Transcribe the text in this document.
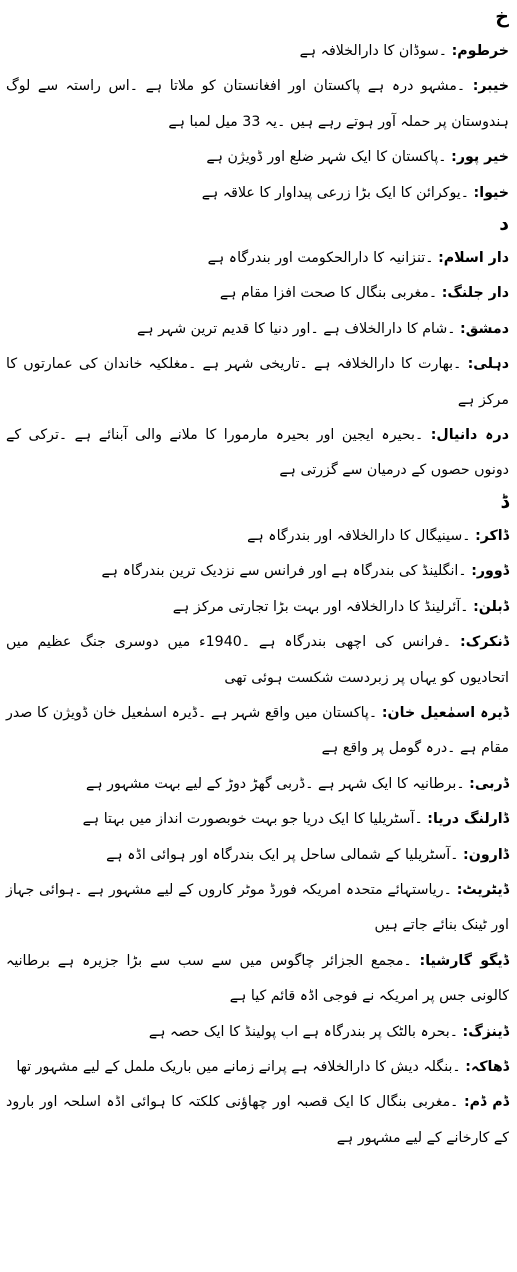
خ

خرطوم: ۔سوڈان کا دارالخلافہ ہے

خیبر: ۔مشہو درہ ہے پاکستان اور افغانستان کو ملاتا ہے ۔اس راستہ سے لوگ ہندوستان پر حملہ آور ہوتے رہے ہیں ۔یہ 33 میل لمبا ہے

خیر پور: ۔پاکستان کا ایک شہر ضلع اور ڈویژن ہے

خیوا: ۔یوکرائن کا ایک بڑا زرعی پیداوار کا علاقہ ہے

د

دار اسلام: ۔تنزانیہ کا دارالحکومت اور بندرگاہ ہے

دار جلنگ: ۔مغربی بنگال کا صحت افزا مقام ہے

دمشق: ۔شام کا دارالخلاف ہے ۔اور دنیا کا قدیم ترین شہر ہے

دہلی: ۔بھارت کا دارالخلافہ ہے ۔تاریخی شہر ہے ۔مغلکیہ خاندان کی عمارتوں کا مرکز ہے

درہ دانیال: ۔بحیرہ ایجین اور بحیرہ مارمورا کا ملانے والی آبنائے ہے ۔ترکی کے دونوں حصوں کے درمیان سے گزرتی ہے

ڈ

ڈاکر: ۔سینیگال کا دارالخلافہ اور بندرگاہ ہے

ڈوور: ۔انگلینڈ کی بندرگاہ ہے اور فرانس سے نزدیک ترین بندرگاہ ہے

ڈبلن: ۔آئرلینڈ کا دارالخلافہ اور بہت بڑا تجارتی مرکز ہے

ڈنکرک: ۔فرانس کی اچھی بندرگاہ ہے ۔1940ء میں دوسری جنگ عظیم میں اتحادیوں کو یہاں پر زبردست شکست ہوئی تھی

ڈیرہ اسمٰعیل خان: ۔پاکستان میں واقع شہر ہے ۔ڈیرہ اسمٰعیل خان ڈویژن کا صدر مقام ہے ۔درہ گومل پر واقع ہے

ڈربی: ۔برطانیہ کا ایک شہر ہے ۔ڈربی گھڑ دوڑ کے لیے بہت مشہور ہے

ڈارلنگ دریا: ۔آسٹریلیا کا ایک دریا جو بہت خوبصورت انداز میں بہتا ہے

ڈارون: ۔آسٹریلیا کے شمالی ساحل پر ایک بندرگاہ اور ہوائی اڈہ ہے

ڈیٹریٹ: ۔ریاستہائے متحدہ امریکہ فورڈ موٹر کاروں کے لیے مشہور ہے ۔ہوائی جہاز اور ٹینک بنائے جاتے ہیں

ڈیگو گارشیا: ۔مجمع الجزائر چاگوس میں سے سب سے بڑا جزیرہ ہے برطانیہ کالونی جس پر امریکہ نے فوجی اڈہ قائم کیا ہے

ڈینزگ: ۔بحرہ بالٹک پر بندرگاہ ہے اب پولینڈ کا ایک حصہ ہے

ڈھاکہ: ۔بنگلہ دیش کا دارالخلافہ ہے پرانے زمانے میں باریک ململ کے لیے مشہور تھا

ڈم ڈم: ۔مغربی بنگال کا ایک قصبہ اور چھاؤنی کلکتہ کا ہوائی اڈہ اسلحہ اور بارود کے کارخانے کے لیے مشہور ہے
